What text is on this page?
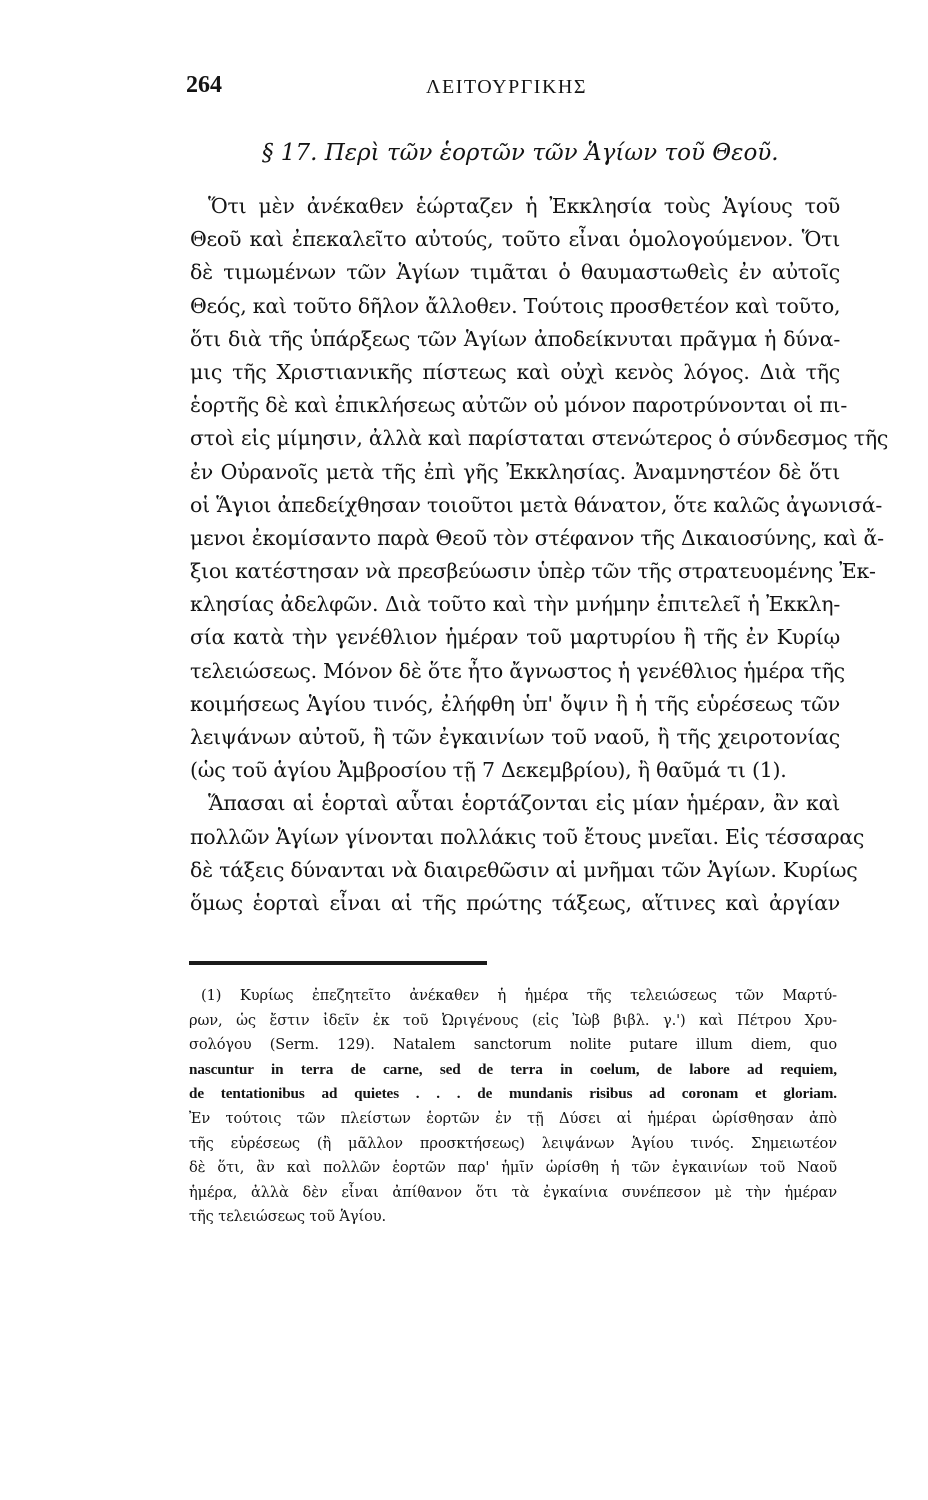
264	ΛΕΙΤΟΥΡΓΙΚΗΣ
§ 17. Περὶ τῶν ἑορτῶν τῶν Ἁγίων τοῦ Θεοῦ.
Ὅτι μὲν ἀνέκαθεν ἑώρταζεν ἡ Ἐκκλησία τοὺς Ἁγίους τοῦ
Θεοῦ καὶ ἐπεκαλεῖτο αὐτούς, τοῦτο εἶναι ὁμολογούμενον. Ὅτι
δὲ τιμωμένων τῶν Ἁγίων τιμᾶται ὁ θαυμαστωθεὶς ἐν αὐτοῖς
Θεός, καὶ τοῦτο δῆλον ἄλλοθεν. Τούτοις προσθετέον καὶ τοῦτο,
ὅτι διὰ τῆς ὑπάρξεως τῶν Ἁγίων ἀποδείκνυται πρᾶγμα ἡ δύνα-
μις τῆς Χριστιανικῆς πίστεως καὶ οὐχὶ κενὸς λόγος. Διὰ τῆς
ἑορτῆς δὲ καὶ ἐπικλήσεως αὐτῶν οὐ μόνον παροτρύνονται οἱ πι-
στοὶ εἰς μίμησιν, ἀλλὰ καὶ παρίσταται στενώτερος ὁ σύνδεσμος τῆς
ἐν Οὐρανοῖς μετὰ τῆς ἐπὶ γῆς Ἐκκλησίας. Ἀναμνηστέον δὲ ὅτι
οἱ Ἅγιοι ἀπεδείχθησαν τοιοῦτοι μετὰ θάνατον, ὅτε καλῶς ἀγωνισά-
μενοι ἐκομίσαντο παρὰ Θεοῦ τὸν στέφανον τῆς Δικαιοσύνης, καὶ ἄ-
ξιοι κατέστησαν νὰ πρεσβεύωσιν ὑπὲρ τῶν τῆς στρατευομένης Ἐκ-
κλησίας ἀδελφῶν. Διὰ τοῦτο καὶ τὴν μνήμην ἐπιτελεῖ ἡ Ἐκκλη-
σία κατὰ τὴν γενέθλιον ἡμέραν τοῦ μαρτυρίου ἢ τῆς ἐν Κυρίῳ
τελειώσεως. Μόνον δὲ ὅτε ἦτο ἄγνωστος ἡ γενέθλιος ἡμέρα τῆς
κοιμήσεως Ἁγίου τινός, ἐλήφθη ὑπ' ὄψιν ἢ ἡ τῆς εὑρέσεως τῶν
λειψάνων αὐτοῦ, ἢ τῶν ἐγκαινίων τοῦ ναοῦ, ἢ τῆς χειροτονίας
(ὡς τοῦ ἁγίου Ἀμβροσίου τῇ 7 Δεκεμβρίου), ἢ θαῦμά τι (1).
Ἅπασαι αἱ ἑορταὶ αὗται ἑορτάζονται εἰς μίαν ἡμέραν, ἂν καὶ
πολλῶν Ἁγίων γίνονται πολλάκις τοῦ ἔτους μνεῖαι. Εἰς τέσσαρας
δὲ τάξεις δύνανται νὰ διαιρεθῶσιν αἱ μνῆμαι τῶν Ἁγίων. Κυρίως
ὅμως ἑορταὶ εἶναι αἱ τῆς πρώτης τάξεως, αἵτινες καὶ ἀργίαν
(1) Κυρίως ἐπεζητεῖτο ἀνέκαθεν ἡ ἡμέρα τῆς τελειώσεως τῶν Μαρτύ-
ρων, ὡς ἔστιν ἰδεῖν ἐκ τοῦ Ὠριγένους (εἰς Ἰὼβ βιβλ. γ.') καὶ Πέτρου Χρυ-
σολόγου (Serm. 129). Natalem sanctorum nolite putare illum diem, quo
nascuntur in terra de carne, sed de terra in coelum, de labore ad requiem,
de tentationibus ad quietes . . . de mundanis risibus ad coronam et gloriam.
Ἐν τούτοις τῶν πλείστων ἑορτῶν ἐν τῇ Δύσει αἱ ἡμέραι ὡρίσθησαν ἀπὸ
τῆς εὑρέσεως (ἢ μᾶλλον προσκτήσεως) λειψάνων Ἁγίου τινός. Σημειωτέον
δὲ ὅτι, ἂν καὶ πολλῶν ἑορτῶν παρ' ἡμῖν ὡρίσθη ἡ τῶν ἐγκαινίων τοῦ Ναοῦ
ἡμέρα, ἀλλὰ δὲν εἶναι ἀπίθανον ὅτι τὰ ἐγκαίνια συνέπεσον μὲ τὴν ἡμέραν
τῆς τελειώσεως τοῦ Ἁγίου.
